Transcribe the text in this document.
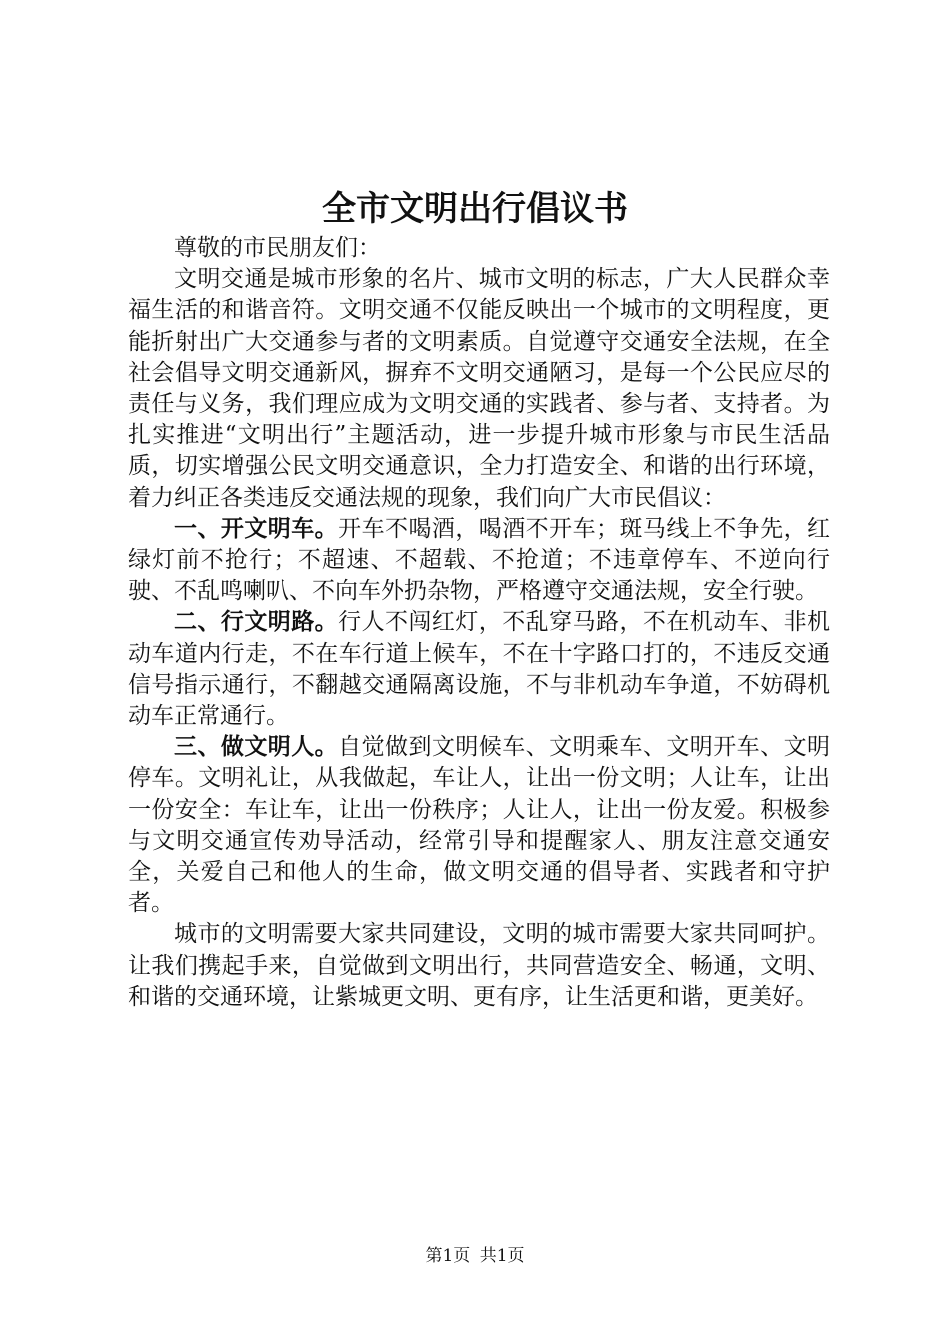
全市文明出行倡议书

尊敬的市民朋友们：

文明交通是城市形象的名片、城市文明的标志，广大人民群众幸福生活的和谐音符。文明交通不仅能反映出一个城市的文明程度，更能折射出广大交通参与者的文明素质。自觉遵守交通安全法规，在全社会倡导文明交通新风，摒弃不文明交通陋习，是每一个公民应尽的责任与义务，我们理应成为文明交通的实践者、参与者、支持者。为扎实推进“文明出行”主题活动，进一步提升城市形象与市民生活品质，切实增强公民文明交通意识，全力打造安全、和谐的出行环境，着力纠正各类违反交通法规的现象，我们向广大市民倡议：

一、开文明车。开车不喝酒，喝酒不开车；斑马线上不争先，红绿灯前不抢行；不超速、不超载、不抢道；不违章停车、不逆向行驶、不乱鸣喇叭、不向车外扔杂物，严格遵守交通法规，安全行驶。

二、行文明路。行人不闯红灯，不乱穿马路，不在机动车、非机动车道内行走，不在车行道上候车，不在十字路口打的，不违反交通信号指示通行，不翻越交通隔离设施，不与非机动车争道，不妨碍机动车正常通行。

三、做文明人。自觉做到文明候车、文明乘车、文明开车、文明停车。文明礼让，从我做起，车让人，让出一份文明；人让车，让出一份安全：车让车，让出一份秩序；人让人，让出一份友爱。积极参与文明交通宣传劝导活动，经常引导和提醒家人、朋友注意交通安全，关爱自己和他人的生命，做文明交通的倡导者、实践者和守护者。

城市的文明需要大家共同建设，文明的城市需要大家共同呵护。让我们携起手来，自觉做到文明出行，共同营造安全、畅通，文明、和谐的交通环境，让紫城更文明、更有序，让生活更和谐，更美好。

第1页 共1页
